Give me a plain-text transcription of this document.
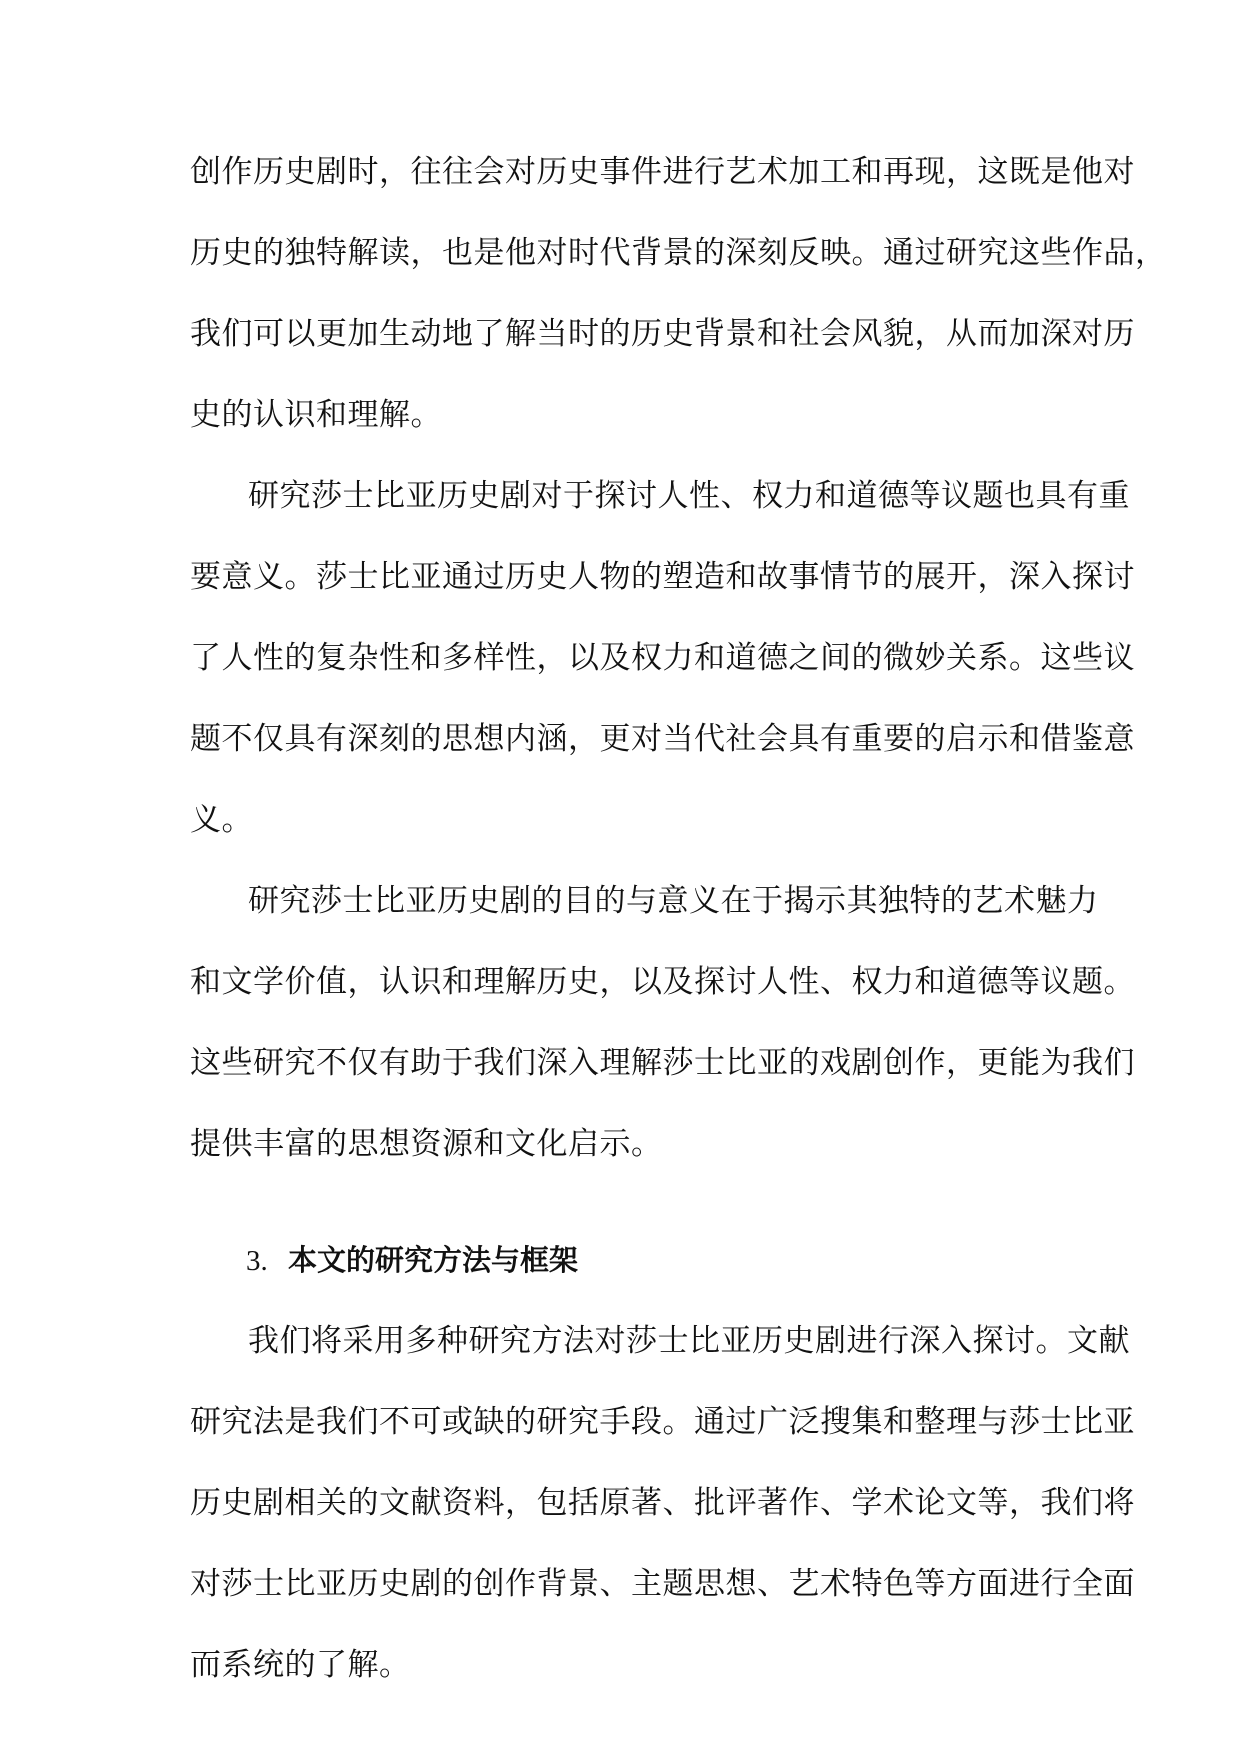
创作历史剧时，往往会对历史事件进行艺术加工和再现，这既是他对
历史的独特解读，也是他对时代背景的深刻反映。通过研究这些作品，
我们可以更加生动地了解当时的历史背景和社会风貌，从而加深对历
史的认识和理解。
研究莎士比亚历史剧对于探讨人性、权力和道德等议题也具有重
要意义。莎士比亚通过历史人物的塑造和故事情节的展开，深入探讨
了人性的复杂性和多样性，以及权力和道德之间的微妙关系。这些议
题不仅具有深刻的思想内涵，更对当代社会具有重要的启示和借鉴意
义。
研究莎士比亚历史剧的目的与意义在于揭示其独特的艺术魅力
和文学价值，认识和理解历史，以及探讨人性、权力和道德等议题。
这些研究不仅有助于我们深入理解莎士比亚的戏剧创作，更能为我们
提供丰富的思想资源和文化启示。
3. 本文的研究方法与框架
我们将采用多种研究方法对莎士比亚历史剧进行深入探讨。文献
研究法是我们不可或缺的研究手段。通过广泛搜集和整理与莎士比亚
历史剧相关的文献资料，包括原著、批评著作、学术论文等，我们将
对莎士比亚历史剧的创作背景、主题思想、艺术特色等方面进行全面
而系统的了解。
